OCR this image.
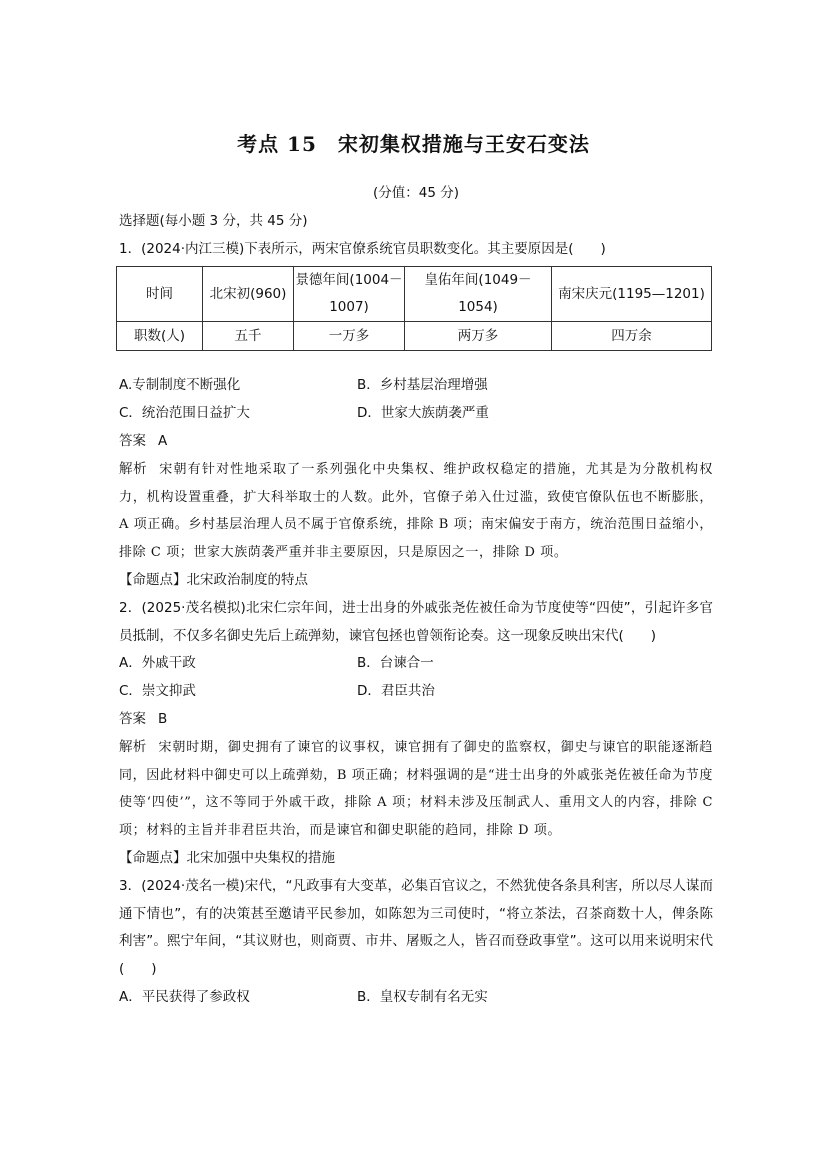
考点 15　宋初集权措施与王安石变法

(分值：45 分)

选择题(每小题 3 分，共 45 分)

1．(2024·内江三模)下表所示，两宋官僚系统官员职数变化。其主要原因是(　　)

时间	北宋初(960)	景德年间(1004－1007)	皇佑年间(1049－1054)	南宋庆元(1195—1201)
职数(人)	五千	一万多	两万多	四万余
A.专制制度不断强化	B．乡村基层治理增强
C．统治范围日益扩大	D．世家大族荫袭严重

答案 A

解析 宋朝有针对性地采取了一系列强化中央集权、维护政权稳定的措施，尤其是为分散机构权力，机构设置重叠，扩大科举取士的人数。此外，官僚子弟入仕过滥，致使官僚队伍也不断膨胀，A 项正确。乡村基层治理人员不属于官僚系统，排除 B 项；南宋偏安于南方，统治范围日益缩小，排除 C 项；世家大族荫袭严重并非主要原因，只是原因之一，排除 D 项。

【命题点】北宋政治制度的特点

2．(2025·茂名模拟)北宋仁宗年间，进士出身的外戚张尧佐被任命为节度使等“四使”，引起许多官员抵制，不仅多名御史先后上疏弹劾，谏官包拯也曾领衔论奏。这一现象反映出宋代(　　)

A．外戚干政	B．台谏合一
C．崇文抑武	D．君臣共治

答案 B

解析 宋朝时期，御史拥有了谏官的议事权，谏官拥有了御史的监察权，御史与谏官的职能逐渐趋同，因此材料中御史可以上疏弹劾，B 项正确；材料强调的是“进士出身的外戚张尧佐被任命为节度使等‘四使’”，这不等同于外戚干政，排除 A 项；材料未涉及压制武人、重用文人的内容，排除 C 项；材料的主旨并非君臣共治，而是谏官和御史职能的趋同，排除 D 项。

【命题点】北宋加强中央集权的措施

3．(2024·茂名一模)宋代，“凡政事有大变革，必集百官议之，不然犹使各条具利害，所以尽人谋而通下情也”，有的决策甚至邀请平民参加，如陈恕为三司使时，“将立茶法，召茶商数十人，俾条陈利害”。熙宁年间，“其议财也，则商贾、市井、屠贩之人，皆召而登政事堂”。这可以用来说明宋代(　　)

A．平民获得了参政权	B．皇权专制有名无实
